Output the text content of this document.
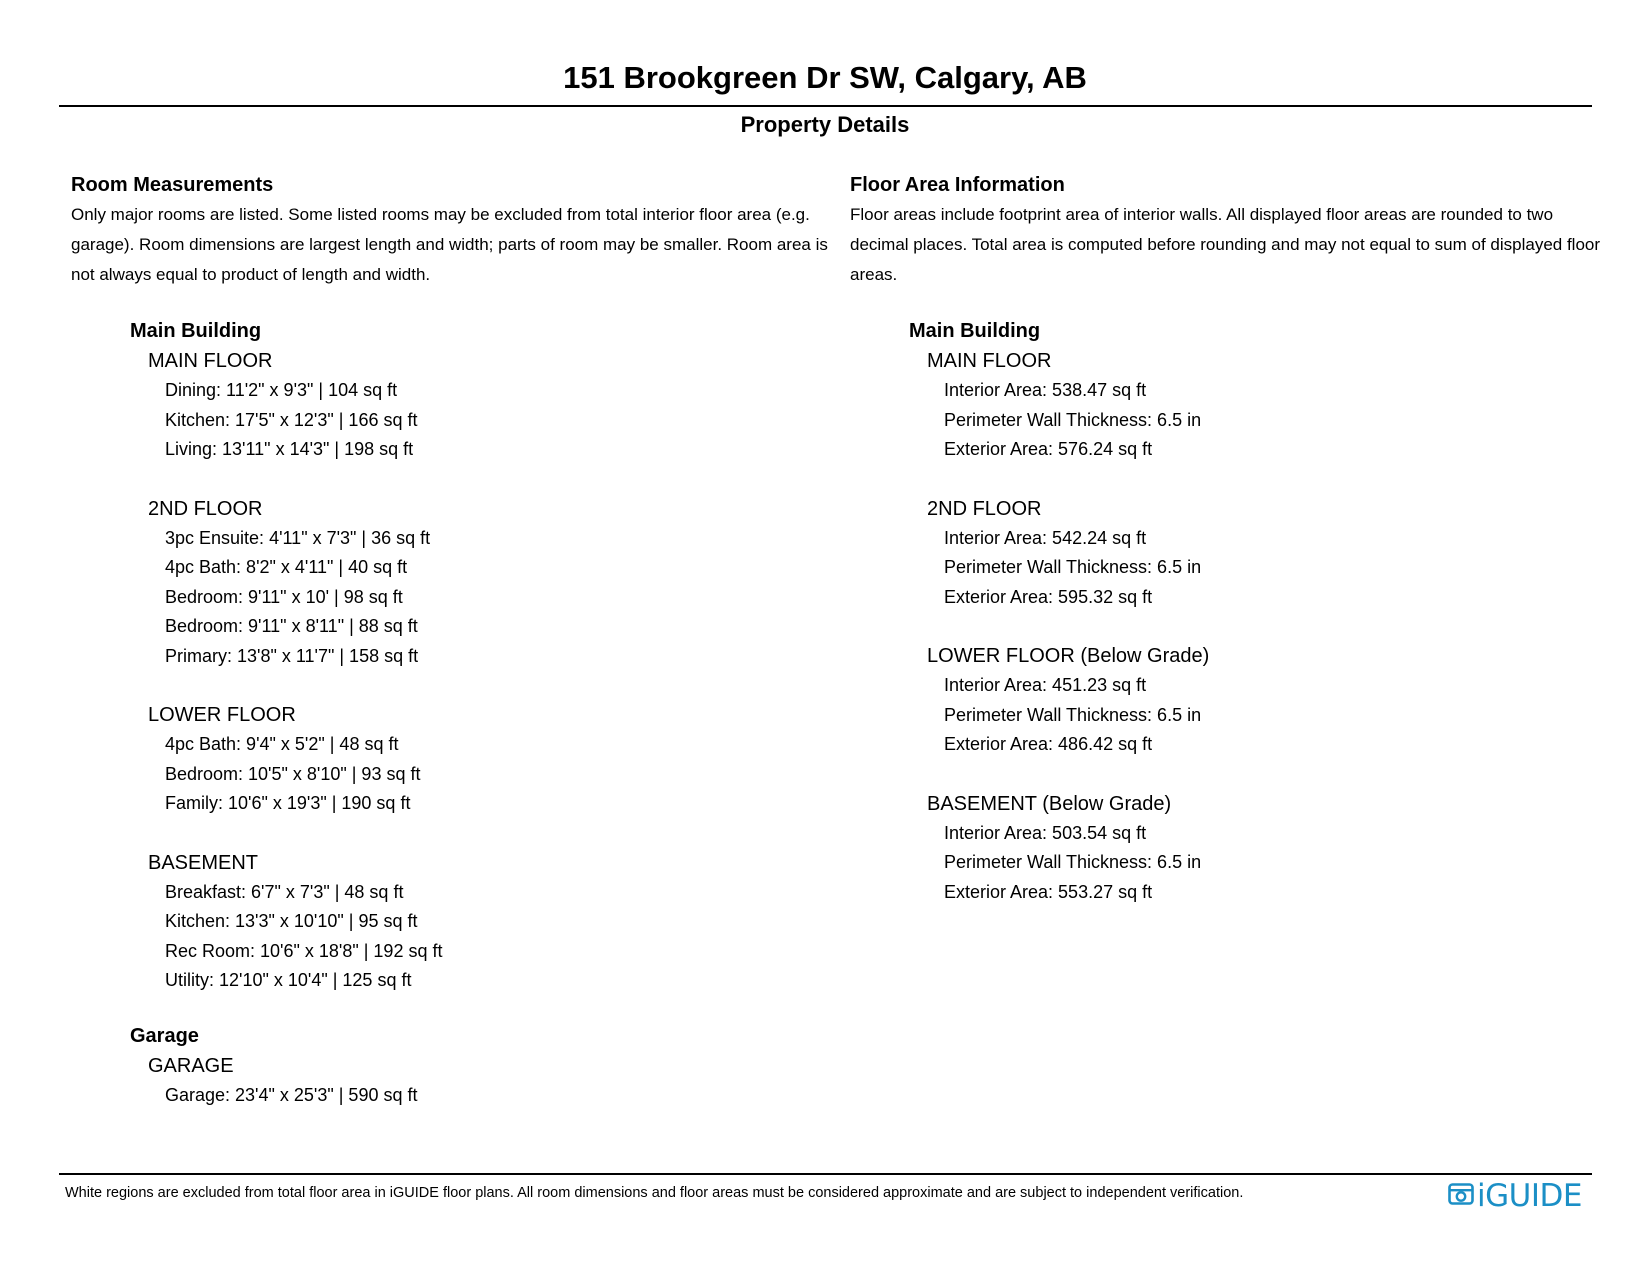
151 Brookgreen Dr SW, Calgary, AB
Property Details
Room Measurements
Only major rooms are listed. Some listed rooms may be excluded from total interior floor area (e.g. garage). Room dimensions are largest length and width; parts of room may be smaller. Room area is not always equal to product of length and width.
Main Building
MAIN FLOOR
Dining: 11'2" x 9'3" | 104 sq ft
Kitchen: 17'5" x 12'3" | 166 sq ft
Living: 13'11" x 14'3" | 198 sq ft
2ND FLOOR
3pc Ensuite: 4'11" x 7'3" | 36 sq ft
4pc Bath: 8'2" x 4'11" | 40 sq ft
Bedroom: 9'11" x 10' | 98 sq ft
Bedroom: 9'11" x 8'11" | 88 sq ft
Primary: 13'8" x 11'7" | 158 sq ft
LOWER FLOOR
4pc Bath: 9'4" x 5'2" | 48 sq ft
Bedroom: 10'5" x 8'10" | 93 sq ft
Family: 10'6" x 19'3" | 190 sq ft
BASEMENT
Breakfast: 6'7" x 7'3" | 48 sq ft
Kitchen: 13'3" x 10'10" | 95 sq ft
Rec Room: 10'6" x 18'8" | 192 sq ft
Utility: 12'10" x 10'4" | 125 sq ft
Garage
GARAGE
Garage: 23'4" x 25'3" | 590 sq ft
Floor Area Information
Floor areas include footprint area of interior walls. All displayed floor areas are rounded to two decimal places. Total area is computed before rounding and may not equal to sum of displayed floor areas.
Main Building
MAIN FLOOR
Interior Area: 538.47 sq ft
Perimeter Wall Thickness: 6.5 in
Exterior Area: 576.24 sq ft
2ND FLOOR
Interior Area: 542.24 sq ft
Perimeter Wall Thickness: 6.5 in
Exterior Area: 595.32 sq ft
LOWER FLOOR (Below Grade)
Interior Area: 451.23 sq ft
Perimeter Wall Thickness: 6.5 in
Exterior Area: 486.42 sq ft
BASEMENT (Below Grade)
Interior Area: 503.54 sq ft
Perimeter Wall Thickness: 6.5 in
Exterior Area: 553.27 sq ft
White regions are excluded from total floor area in iGUIDE floor plans. All room dimensions and floor areas must be considered approximate and are subject to independent verification.	iGUIDE
